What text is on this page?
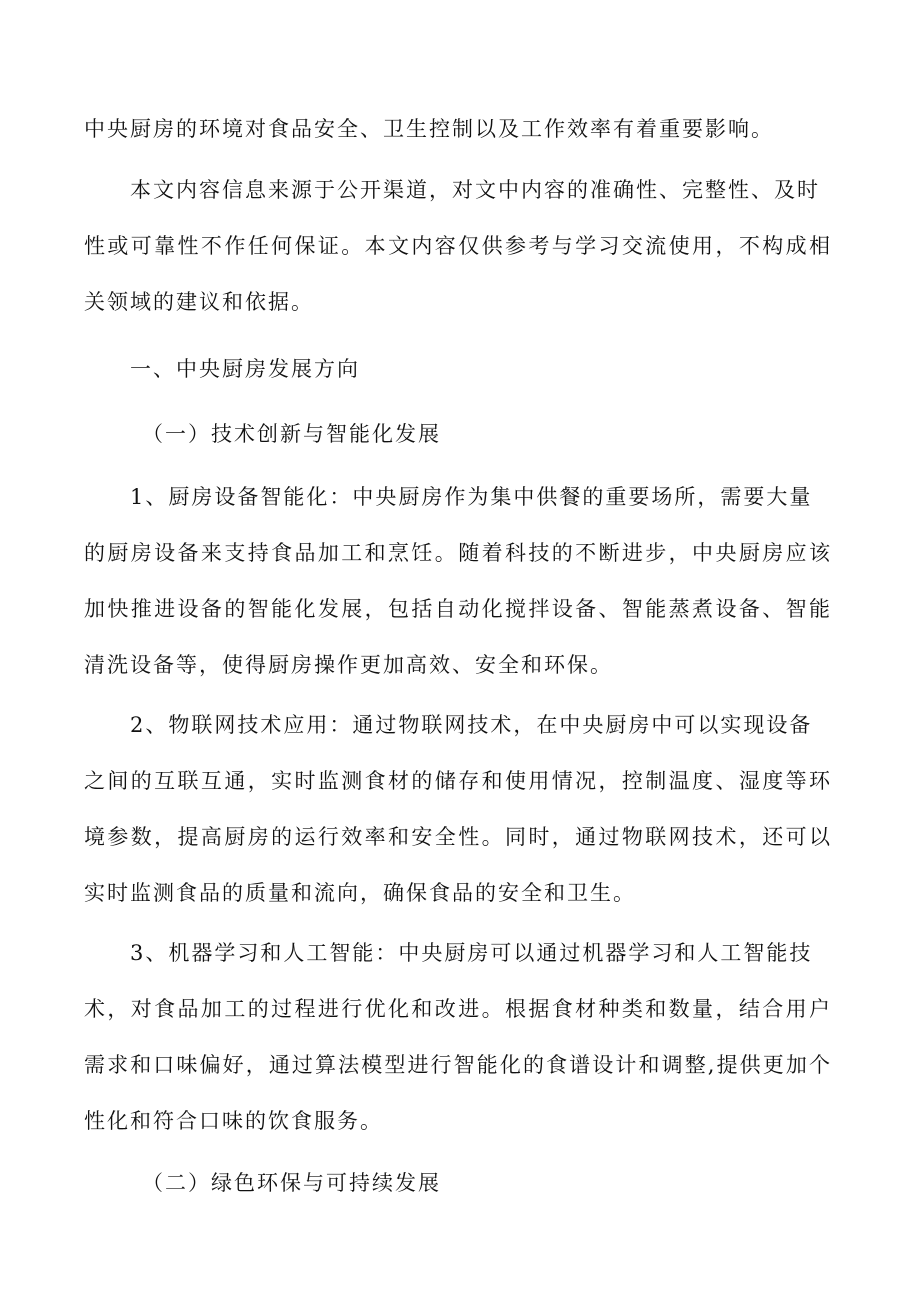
中央厨房的环境对食品安全、卫生控制以及工作效率有着重要影响。
本文内容信息来源于公开渠道，对文中内容的准确性、完整性、及时
性或可靠性不作任何保证。本文内容仅供参考与学习交流使用，不构成相
关领域的建议和依据。
一、中央厨房发展方向
（一）技术创新与智能化发展
1、厨房设备智能化：中央厨房作为集中供餐的重要场所，需要大量
的厨房设备来支持食品加工和烹饪。随着科技的不断进步，中央厨房应该
加快推进设备的智能化发展，包括自动化搅拌设备、智能蒸煮设备、智能
清洗设备等，使得厨房操作更加高效、安全和环保。
2、物联网技术应用：通过物联网技术，在中央厨房中可以实现设备
之间的互联互通，实时监测食材的储存和使用情况，控制温度、湿度等环
境参数，提高厨房的运行效率和安全性。同时，通过物联网技术，还可以
实时监测食品的质量和流向，确保食品的安全和卫生。
3、机器学习和人工智能：中央厨房可以通过机器学习和人工智能技
术，对食品加工的过程进行优化和改进。根据食材种类和数量，结合用户
需求和口味偏好，通过算法模型进行智能化的食谱设计和调整,提供更加个
性化和符合口味的饮食服务。
（二）绿色环保与可持续发展
